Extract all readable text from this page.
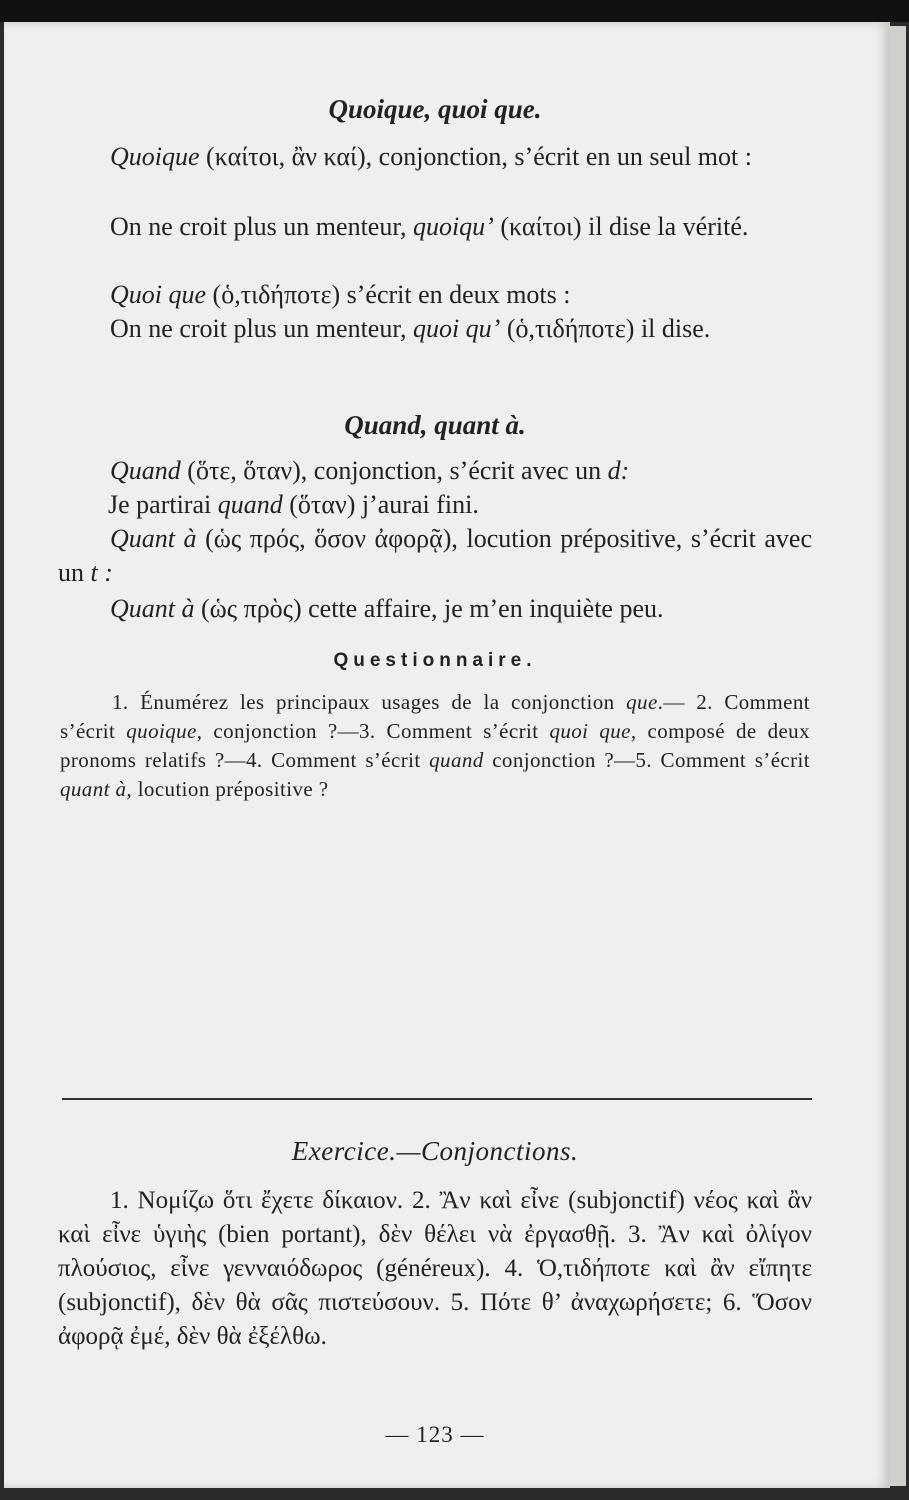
Quoique, quoi que.
Quoique (καίτοι, ἂν καί), conjonction, s’écrit en un seul mot :
On ne croit plus un menteur, quoiqu’ (καίτοι) il dise la vérité.
Quoi que (ὁ,τιδήποτε) s’écrit en deux mots :
On ne croit plus un menteur, quoi qu’ (ὁ,τιδήποτε) il dise.
Quand, quant à.
Quand (ὅτε, ὅταν), conjonction, s’écrit avec un d:
Je partirai quand (ὅταν) j’aurai fini.
Quant à (ὡς πρός, ὅσον ἀφορᾷ), locution prépositive, s’écrit avec un t :
Quant à (ὡς πρὸς) cette affaire, je m’en inquiète peu.
Questionnaire.
1. Énumérez les principaux usages de la conjonction que.— 2. Comment s’écrit quoique, conjonction ?—3. Comment s’écrit quoi que, composé de deux pronoms relatifs ?—4. Comment s’écrit quand conjonction ?—5. Comment s’écrit quant à, locution prépositive ?
Exercice.—Conjonctions.
1. Νομίζω ὅτι ἔχετε δίκαιον. 2. Ἂν καὶ εἶνε (subjonctif) νέος καὶ ἂν καὶ εἶνε ὑγιὴς (bien portant), δὲν θέλει νὰ ἐργασθῇ. 3. Ἂν καὶ ὀλίγον πλούσιος, εἶνε γενναιόδωρος (généreux). 4. Ὁ,τιδήποτε καὶ ἂν εἴπητε (subjonctif), δὲν θὰ σᾶς πιστεύσουν. 5. Πότε θ’ ἀναχωρήσετε; 6. Ὅσον ἀφορᾷ ἐμέ, δὲν θὰ ἐξέλθω.
— 123 —
